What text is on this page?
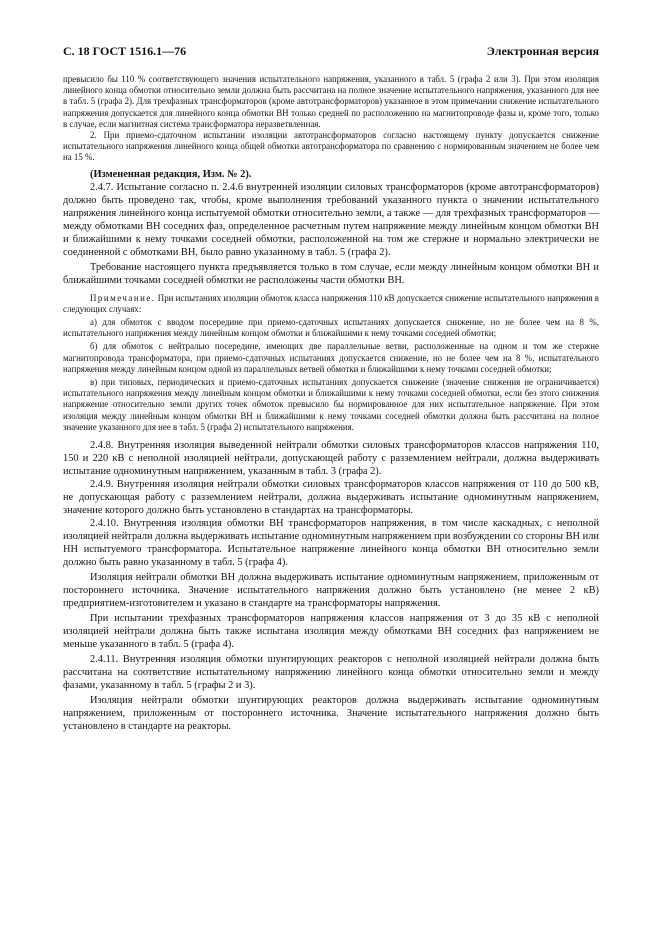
С. 18 ГОСТ 1516.1—76	Электронная версия

превысило бы 110 % соответствующего значения испытательного напряжения, указанного в табл. 5 (графа 2 или 3). При этом изоляция линейного конца обмотки относительно земли должна быть рассчитана на полное значение испытательного напряжения, указанного для нее в табл. 5 (графа 2). Для трехфазных трансформаторов (кроме автотрансформаторов) указанное в этом примечании снижение испытательного напряжения допускается для линейного конца обмотки ВН только средней по расположению на магнитопроводе фазы и, кроме того, только в случае, если магнитная система трансформатора неразветвленная.

2. При приемо-сдаточном испытании изоляции автотрансформаторов согласно настоящему пункту допускается снижение испытательного напряжения линейного конца общей обмотки автотрансформатора по сравнению с нормированным значением не более чем на 15 %.

(Измененная редакция, Изм. № 2).

2.4.7. Испытание согласно п. 2.4.6 внутренней изоляции силовых трансформаторов (кроме автотрансформаторов) должно быть проведено так, чтобы, кроме выполнения требований указанного пункта о значении испытательного напряжения линейного конца испытуемой обмотки относительно земли, а также — для трехфазных трансформаторов — между обмотками ВН соседних фаз, определенное расчетным путем напряжение между линейным концом обмотки ВН и ближайшими к нему точками соседней обмотки, расположенной на том же стержне и нормально электрически не соединенной с обмотками ВН, было равно указанному в табл. 5 (графа 2).

Требование настоящего пункта предъявляется только в том случае, если между линейным концом обмотки ВН и ближайшими точками соседней обмотки не расположены части обмотки ВН.

Примечание. При испытаниях изоляции обмоток класса напряжения 110 кВ допускается снижение испытательного напряжения в следующих случаях:

а) для обмоток с вводом посередине при приемо-сдаточных испытаниях допускается снижение, но не более чем на 8 %, испытательного напряжения между линейным концом обмотки и ближайшими к нему точками соседней обмотки;

б) для обмоток с нейтралью посередине, имеющих две параллельные ветви, расположенные на одном и том же стержне магнитопровода трансформатора, при приемо-сдаточных испытаниях допускается снижение, но не более чем на 8 %, испытательного напряжения между линейным концом одной из параллельных ветвей обмотки и ближайшими к нему точками соседней обмотки;

в) при типовых, периодических и приемо-сдаточных испытаниях допускается снижение (значение снижения не ограничивается) испытательного напряжения между линейным концом обмотки и ближайшими к нему точками соседней обмотки, если без этого снижения напряжение относительно земли других точек обмоток превысило бы нормированное для них испытательное напряжение. При этом изоляция между линейным концом обмотки ВН и ближайшими к нему точками соседней обмотки должна быть рассчитана на полное значение указанного для нее в табл. 5 (графа 2) испытательного напряжения.

2.4.8. Внутренняя изоляция выведенной нейтрали обмотки силовых трансформаторов классов напряжения 110, 150 и 220 кВ с неполной изоляцией нейтрали, допускающей работу с разземлением нейтрали, должна выдерживать испытание одноминутным напряжением, указанным в табл. 3 (графа 2).

2.4.9. Внутренняя изоляция нейтрали обмотки силовых трансформаторов классов напряжения от 110 до 500 кВ, не допускающая работу с разземлением нейтрали, должна выдерживать испытание одноминутным напряжением, значение которого должно быть установлено в стандартах на трансформаторы.

2.4.10. Внутренняя изоляция обмотки ВН трансформаторов напряжения, в том числе каскадных, с неполной изоляцией нейтрали должна выдерживать испытание одноминутным напряжением при возбуждении со стороны ВН или НН испытуемого трансформатора. Испытательное напряжение линейного конца обмотки ВН относительно земли должно быть равно указанному в табл. 5 (графа 4).

Изоляция нейтрали обмотки ВН должна выдерживать испытание одноминутным напряжением, приложенным от постороннего источника. Значение испытательного напряжения должно быть установлено (не менее 2 кВ) предприятием-изготовителем и указано в стандарте на трансформаторы напряжения.

При испытании трехфазных трансформаторов напряжения классов напряжения от 3 до 35 кВ с неполной изоляцией нейтрали должна быть также испытана изоляция между обмотками ВН соседних фаз напряжением не меньше указанного в табл. 5 (графа 4).

2.4.11. Внутренняя изоляция обмотки шунтирующих реакторов с неполной изоляцией нейтрали должна быть рассчитана на соответствие испытательному напряжению линейного конца обмотки относительно земли и между фазами, указанному в табл. 5 (графы 2 и 3).

Изоляция нейтрали обмотки шунтирующих реакторов должна выдерживать испытание одноминутным напряжением, приложенным от постороннего источника. Значение испытательного напряжения должно быть установлено в стандарте на реакторы.
